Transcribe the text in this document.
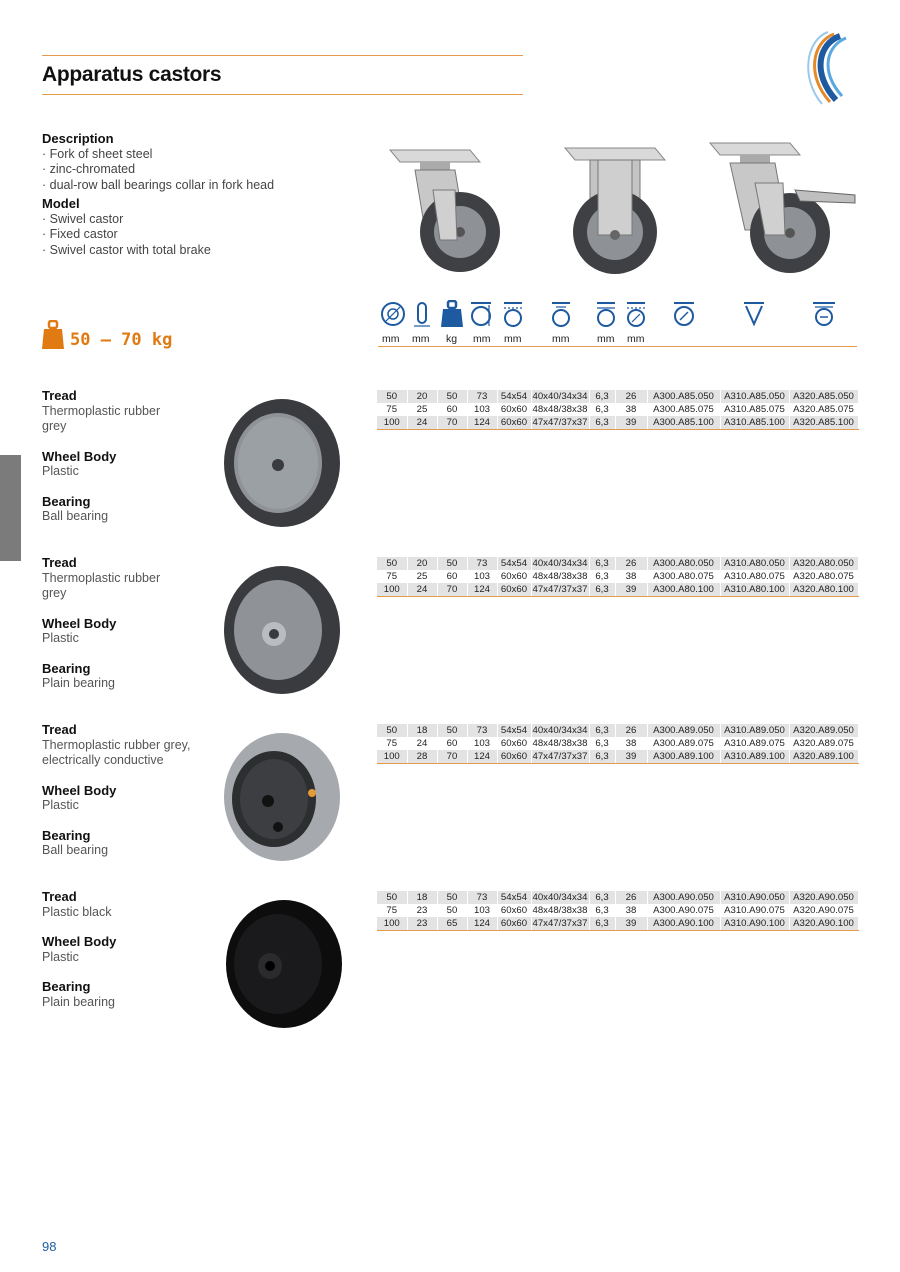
Apparatus castors
Description
· Fork of sheet steel
· zinc-chromated
· dual-row ball bearings collar in fork head
Model
· Swivel castor
· Fixed castor
· Swivel castor with total brake
50 – 70 kg	mm mm kg mm mm	mm	mm mm
Tread
Thermoplastic rubber
grey
Wheel Body
Plastic
Bearing
Ball bearing
50	20	50	73	54x54	40x40/34x34	6,3	26	A300.A85.050	A310.A85.050	A320.A85.050
75	25	60	103	60x60	48x48/38x38	6,3	38	A300.A85.075	A310.A85.075	A320.A85.075
100	24	70	124	60x60	47x47/37x37	6,3	39	A300.A85.100	A310.A85.100	A320.A85.100
Tread
Thermoplastic rubber
grey
Wheel Body
Plastic
Bearing
Plain bearing
50	20	50	73	54x54	40x40/34x34	6,3	26	A300.A80.050	A310.A80.050	A320.A80.050
75	25	60	103	60x60	48x48/38x38	6,3	38	A300.A80.075	A310.A80.075	A320.A80.075
100	24	70	124	60x60	47x47/37x37	6,3	39	A300.A80.100	A310.A80.100	A320.A80.100
Tread
Thermoplastic rubber grey,
electrically conductive
Wheel Body
Plastic
Bearing
Ball bearing
50	18	50	73	54x54	40x40/34x34	6,3	26	A300.A89.050	A310.A89.050	A320.A89.050
75	24	60	103	60x60	48x48/38x38	6,3	38	A300.A89.075	A310.A89.075	A320.A89.075
100	28	70	124	60x60	47x47/37x37	6,3	39	A300.A89.100	A310.A89.100	A320.A89.100
Tread
Plastic black
Wheel Body
Plastic
Bearing
Plain bearing
50	18	50	73	54x54	40x40/34x34	6,3	26	A300.A90.050	A310.A90.050	A320.A90.050
75	23	50	103	60x60	48x48/38x38	6,3	38	A300.A90.075	A310.A90.075	A320.A90.075
100	23	65	124	60x60	47x47/37x37	6,3	39	A300.A90.100	A310.A90.100	A320.A90.100
98
